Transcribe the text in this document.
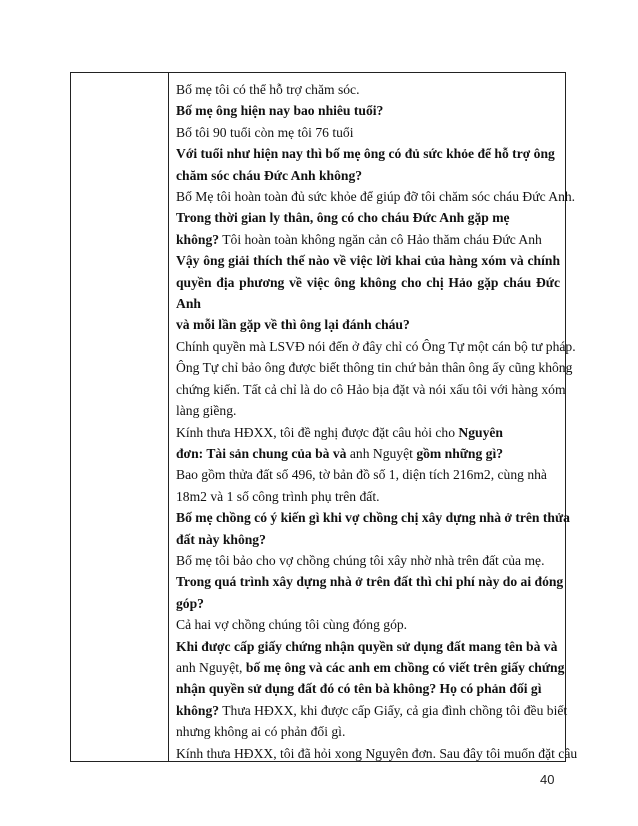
Bố mẹ tôi có thể hỗ trợ chăm sóc.
Bố mẹ ông hiện nay bao nhiêu tuổi?
Bố tôi 90 tuổi còn mẹ tôi 76 tuổi
Với tuổi như hiện nay thì bố mẹ ông có đủ sức khỏe để hỗ trợ ông
chăm sóc cháu Đức Anh không?
Bố Mẹ tôi hoàn toàn đủ sức khỏe để giúp đỡ tôi chăm sóc cháu Đức Anh.
Trong thời gian ly thân, ông có cho cháu Đức Anh gặp mẹ
không? Tôi hoàn toàn không ngăn cản cô Hảo thăm cháu Đức Anh
Vậy ông giải thích thế nào về việc lời khai của hàng xóm và chính
quyền địa phương về việc ông không cho chị Hảo gặp cháu Đức Anh
và mỗi lần gặp về thì ông lại đánh cháu?
Chính quyền mà LSVĐ nói đến ở đây chỉ có Ông Tự một cán bộ tư pháp.
Ông Tự chỉ bảo ông được biết thông tin chứ bản thân ông ấy cũng không
chứng kiến. Tất cả chỉ là do cô Hảo bịa đặt và nói xấu tôi với hàng xóm
làng giềng.
Kính thưa HĐXX, tôi đề nghị được đặt câu hỏi cho Nguyên
đơn: Tài sản chung của bà và anh Nguyệt gồm những gì?
Bao gồm thửa đất số 496, tờ bản đồ số 1, diện tích 216m2, cùng nhà
18m2 và 1 số công trình phụ trên đất.
Bố mẹ chồng có ý kiến gì khi vợ chồng chị xây dựng nhà ở trên thửa
đất này không?
Bố mẹ tôi bảo cho vợ chồng chúng tôi xây nhờ nhà trên đất của mẹ.
Trong quá trình xây dựng nhà ở trên đất thì chi phí này do ai đóng
góp?
Cả hai vợ chồng chúng tôi cùng đóng góp.
Khi được cấp giấy chứng nhận quyền sử dụng đất mang tên bà và
anh Nguyệt, bố mẹ ông và các anh em chồng có viết trên giấy chứng
nhận quyền sử dụng đất đó có tên bà không? Họ có phản đối gì
không? Thưa HĐXX, khi được cấp Giấy, cả gia đình chồng tôi đều biết
nhưng không ai có phản đối gì.
Kính thưa HĐXX, tôi đã hỏi xong Nguyên đơn. Sau đây tôi muốn đặt câu
40
